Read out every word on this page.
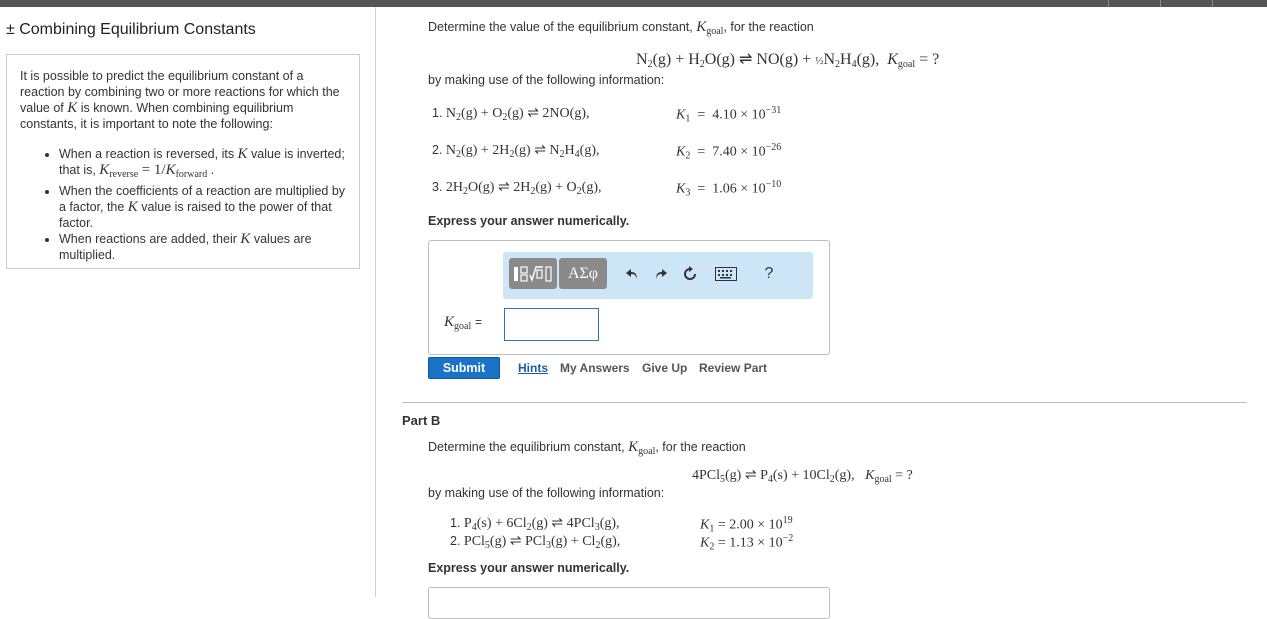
± Combining Equilibrium Constants
It is possible to predict the equilibrium constant of a reaction by combining two or more reactions for which the value of K is known. When combining equilibrium constants, it is important to note the following:
• When a reaction is reversed, its K value is inverted; that is, $K_{reverse} = 1/K_{forward}$ .
• When the coefficients of a reaction are multiplied by a factor, the K value is raised to the power of that factor.
• When reactions are added, their K values are multiplied.
Determine the value of the equilibrium constant, $K_{goal}$, for the reaction
$N_2(g) + H_2O(g)$ ⇌ $NO(g) + \frac{1}{2}N_2H_4(g)$,  $K_{goal}$ = ?
by making use of the following information:
1. $N_2(g) + O_2(g)$ ⇌ 2NO(g),	$K_1 = 4.10 \times 10^{-31}$
2. $N_2(g) + 2H_2(g)$ ⇌ $N_2H_4(g)$,	$K_2 = 7.40 \times 10^{-26}$
3. $2H_2O(g)$ ⇌ $2H_2(g) + O_2(g)$,	$K_3 = 1.06 \times 10^{-10}$
Express your answer numerically.
ΑΣφ	?
$K_{goal}$ =
Submit	Hints My Answers Give Up Review Part
Part B
Determine the equilibrium constant, $K_{goal}$, for the reaction
4PCl$_5$(g) ⇌ $P_4(s) + 10Cl_2(g)$,   $K_{goal}$ = ?
by making use of the following information:
1. $P_4(s) + 6Cl_2(g)$ ⇌ 4PCl$_3$(g),	$K_1 = 2.00 \times 10^{19}$
2. PCl$_5$(g) ⇌ $PCl_3(g) + Cl_2(g)$,	$K_2 = 1.13 \times 10^{-2}$
Express your answer numerically.
